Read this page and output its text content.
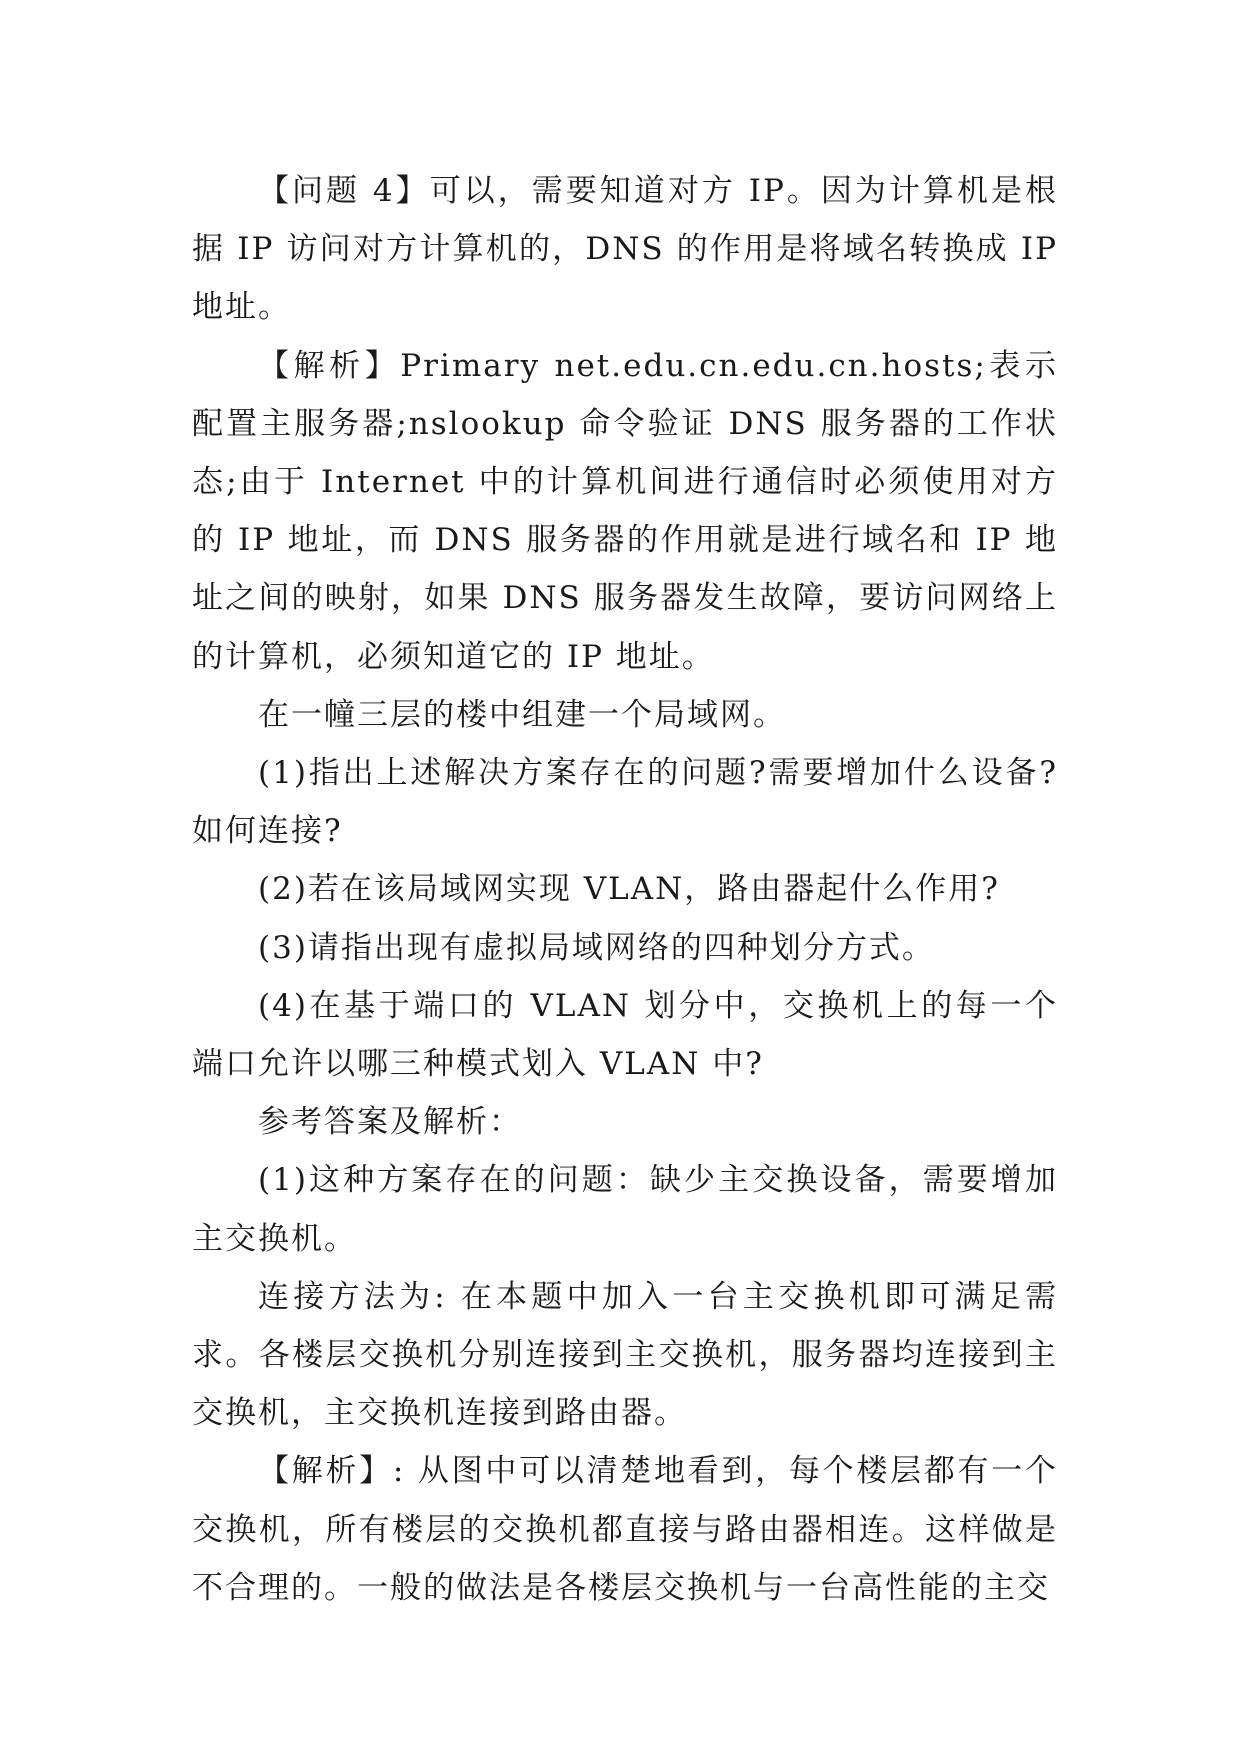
【问题 4】可以，需要知道对方 IP。因为计算机是根据 IP 访问对方计算机的，DNS 的作用是将域名转换成 IP 地址。

【解析】Primary net.edu.cn.edu.cn.hosts;表示配置主服务器;nslookup 命令验证 DNS 服务器的工作状态;由于 Internet 中的计算机间进行通信时必须使用对方的 IP 地址，而 DNS 服务器的作用就是进行域名和 IP 地址之间的映射，如果 DNS 服务器发生故障，要访问网络上的计算机，必须知道它的 IP 地址。

在一幢三层的楼中组建一个局域网。

(1)指出上述解决方案存在的问题?需要增加什么设备?如何连接?

(2)若在该局域网实现 VLAN，路由器起什么作用?

(3)请指出现有虚拟局域网络的四种划分方式。

(4)在基于端口的 VLAN 划分中，交换机上的每一个端口允许以哪三种模式划入 VLAN 中?

参考答案及解析：

(1)这种方案存在的问题：缺少主交换设备，需要增加主交换机。

连接方法为: 在本题中加入一台主交换机即可满足需求。各楼层交换机分别连接到主交换机，服务器均连接到主交换机，主交换机连接到路由器。

【解析】: 从图中可以清楚地看到，每个楼层都有一个交换机，所有楼层的交换机都直接与路由器相连。这样做是不合理的。一般的做法是各楼层交换机与一台高性能的主交
